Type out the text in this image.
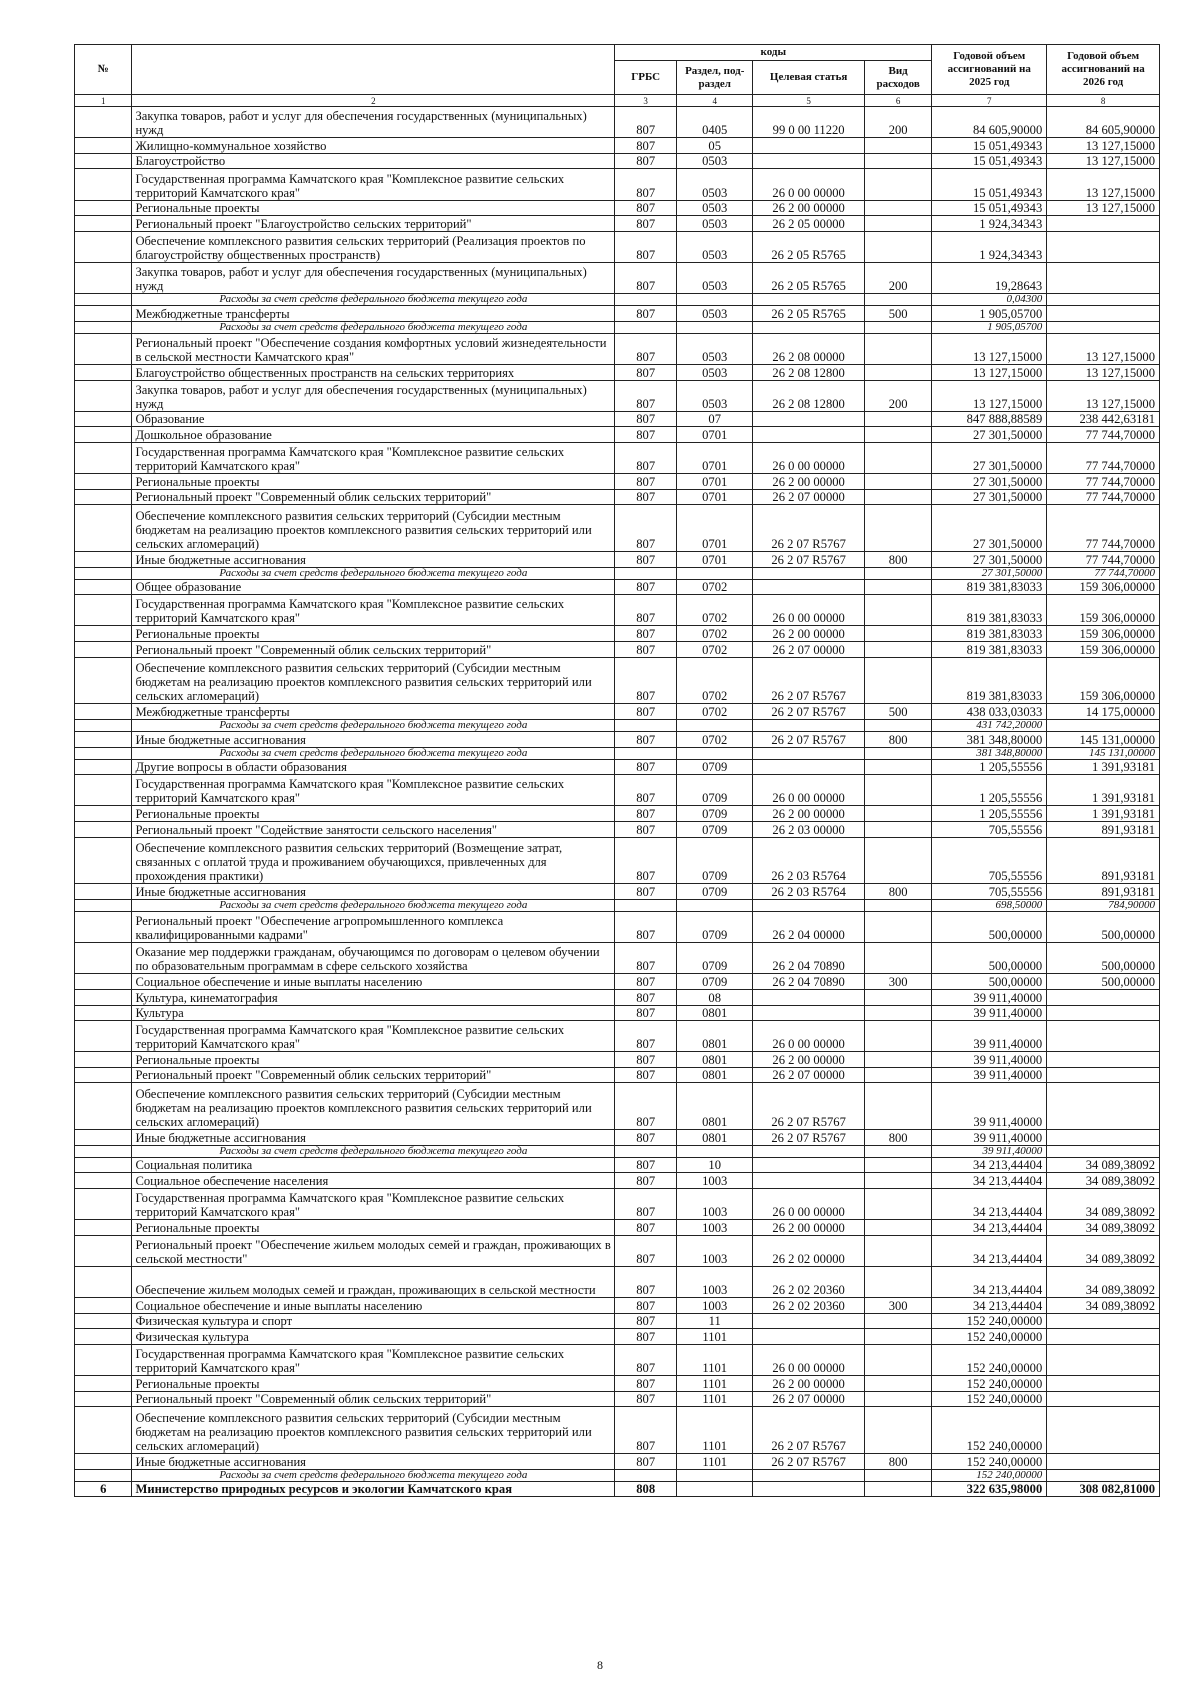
№		коды				Годовой объем ассигнований на 2025 год	Годовой объем ассигнований на 2026 год
		ГРБС	Раздел, под-раздел	Целевая статья	Вид расходов		
1	2	3	4	5	6	7	8
	Закупка товаров, работ и услуг для обеспечения государственных (муниципальных) нужд	807	0405	99 0 00 11220	200	84 605,90000	84 605,90000
	Жилищно-коммунальное хозяйство	807	05			15 051,49343	13 127,15000
	Благоустройство	807	0503			15 051,49343	13 127,15000
	Государственная программа Камчатского края "Комплексное развитие сельских территорий Камчатского края"	807	0503	26 0 00 00000		15 051,49343	13 127,15000
	Региональные проекты	807	0503	26 2 00 00000		15 051,49343	13 127,15000
	Региональный проект "Благоустройство сельских территорий"	807	0503	26 2 05 00000		1 924,34343	
	Обеспечение комплексного развития сельских территорий (Реализация проектов по благоустройству общественных пространств)	807	0503	26 2 05 R5765		1 924,34343	
	Закупка товаров, работ и услуг для обеспечения государственных (муниципальных) нужд	807	0503	26 2 05 R5765	200	19,28643	
	Расходы за счет средств федерального бюджета текущего года					0,04300	
	Межбюджетные трансферты	807	0503	26 2 05 R5765	500	1 905,05700	
	Расходы за счет средств федерального бюджета текущего года					1 905,05700	
	Региональный проект "Обеспечение создания комфортных условий жизнедеятельности в сельской местности Камчатского края"	807	0503	26 2 08 00000		13 127,15000	13 127,15000
	Благоустройство общественных пространств на сельских территориях	807	0503	26 2 08 12800		13 127,15000	13 127,15000
	Закупка товаров, работ и услуг для обеспечения государственных (муниципальных) нужд	807	0503	26 2 08 12800	200	13 127,15000	13 127,15000
	Образование	807	07			847 888,88589	238 442,63181
	Дошкольное образование	807	0701			27 301,50000	77 744,70000
	Государственная программа Камчатского края "Комплексное развитие сельских территорий Камчатского края"	807	0701	26 0 00 00000		27 301,50000	77 744,70000
	Региональные проекты	807	0701	26 2 00 00000		27 301,50000	77 744,70000
	Региональный проект "Современный облик сельских территорий"	807	0701	26 2 07 00000		27 301,50000	77 744,70000
	Обеспечение комплексного развития сельских территорий (Субсидии местным бюджетам на реализацию проектов комплексного развития сельских территорий или сельских агломераций)	807	0701	26 2 07 R5767		27 301,50000	77 744,70000
	Иные бюджетные ассигнования	807	0701	26 2 07 R5767	800	27 301,50000	77 744,70000
	Расходы за счет средств федерального бюджета текущего года					27 301,50000	77 744,70000
	Общее образование	807	0702			819 381,83033	159 306,00000
	Государственная программа Камчатского края "Комплексное развитие сельских территорий Камчатского края"	807	0702	26 0 00 00000		819 381,83033	159 306,00000
	Региональные проекты	807	0702	26 2 00 00000		819 381,83033	159 306,00000
	Региональный проект "Современный облик сельских территорий"	807	0702	26 2 07 00000		819 381,83033	159 306,00000
	Обеспечение комплексного развития сельских территорий (Субсидии местным бюджетам на реализацию проектов комплексного развития сельских территорий или сельских агломераций)	807	0702	26 2 07 R5767		819 381,83033	159 306,00000
	Межбюджетные трансферты	807	0702	26 2 07 R5767	500	438 033,03033	14 175,00000
	Расходы за счет средств федерального бюджета текущего года					431 742,20000	
	Иные бюджетные ассигнования	807	0702	26 2 07 R5767	800	381 348,80000	145 131,00000
	Расходы за счет средств федерального бюджета текущего года					381 348,80000	145 131,00000
	Другие вопросы в области образования	807	0709			1 205,55556	1 391,93181
	Государственная программа Камчатского края "Комплексное развитие сельских территорий Камчатского края"	807	0709	26 0 00 00000		1 205,55556	1 391,93181
	Региональные проекты	807	0709	26 2 00 00000		1 205,55556	1 391,93181
	Региональный проект "Содействие занятости сельского населения"	807	0709	26 2 03 00000		705,55556	891,93181
	Обеспечение комплексного развития сельских территорий (Возмещение затрат, связанных с оплатой труда и проживанием обучающихся, привлеченных для прохождения практики)	807	0709	26 2 03 R5764		705,55556	891,93181
	Иные бюджетные ассигнования	807	0709	26 2 03 R5764	800	705,55556	891,93181
	Расходы за счет средств федерального бюджета текущего года					698,50000	784,90000
	Региональный проект "Обеспечение агропромышленного комплекса квалифицированными кадрами"	807	0709	26 2 04 00000		500,00000	500,00000
	Оказание мер поддержки гражданам, обучающимся по договорам о целевом обучении по образовательным программам в сфере сельского хозяйства	807	0709	26 2 04 70890		500,00000	500,00000
	Социальное обеспечение и иные выплаты населению	807	0709	26 2 04 70890	300	500,00000	500,00000
	Культура, кинематография	807	08			39 911,40000	
	Культура	807	0801			39 911,40000	
	Государственная программа Камчатского края "Комплексное развитие сельских территорий Камчатского края"	807	0801	26 0 00 00000		39 911,40000	
	Региональные проекты	807	0801	26 2 00 00000		39 911,40000	
	Региональный проект "Современный облик сельских территорий"	807	0801	26 2 07 00000		39 911,40000	
	Обеспечение комплексного развития сельских территорий (Субсидии местным бюджетам на реализацию проектов комплексного развития сельских территорий или сельских агломераций)	807	0801	26 2 07 R5767		39 911,40000	
	Иные бюджетные ассигнования	807	0801	26 2 07 R5767	800	39 911,40000	
	Расходы за счет средств федерального бюджета текущего года					39 911,40000	
	Социальная политика	807	10			34 213,44404	34 089,38092
	Социальное обеспечение населения	807	1003			34 213,44404	34 089,38092
	Государственная программа Камчатского края "Комплексное развитие сельских территорий Камчатского края"	807	1003	26 0 00 00000		34 213,44404	34 089,38092
	Региональные проекты	807	1003	26 2 00 00000		34 213,44404	34 089,38092
	Региональный проект "Обеспечение жильем молодых семей и граждан, проживающих в сельской местности"	807	1003	26 2 02 00000		34 213,44404	34 089,38092
	Обеспечение жильем молодых семей и граждан, проживающих в сельской местности	807	1003	26 2 02 20360		34 213,44404	34 089,38092
	Социальное обеспечение и иные выплаты населению	807	1003	26 2 02 20360	300	34 213,44404	34 089,38092
	Физическая культура и спорт	807	11			152 240,00000	
	Физическая культура	807	1101			152 240,00000	
	Государственная программа Камчатского края "Комплексное развитие сельских территорий Камчатского края"	807	1101	26 0 00 00000		152 240,00000	
	Региональные проекты	807	1101	26 2 00 00000		152 240,00000	
	Региональный проект "Современный облик сельских территорий"	807	1101	26 2 07 00000		152 240,00000	
	Обеспечение комплексного развития сельских территорий (Субсидии местным бюджетам на реализацию проектов комплексного развития сельских территорий или сельских агломераций)	807	1101	26 2 07 R5767		152 240,00000	
	Иные бюджетные ассигнования	807	1101	26 2 07 R5767	800	152 240,00000	
	Расходы за счет средств федерального бюджета текущего года					152 240,00000	
6	Министерство природных ресурсов и экологии Камчатского края	808				322 635,98000	308 082,81000
8
